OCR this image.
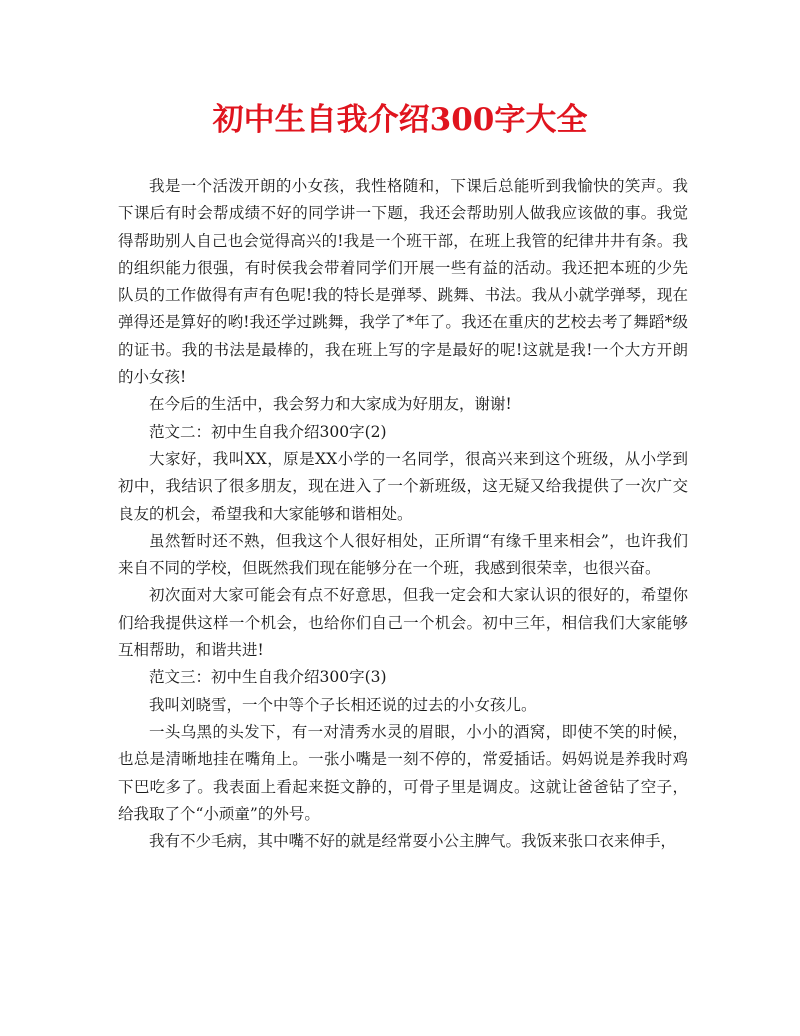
初中生自我介绍300字大全

我是一个活泼开朗的小女孩，我性格随和，下课后总能听到我愉快的笑声。我下课后有时会帮成绩不好的同学讲一下题，我还会帮助别人做我应该做的事。我觉得帮助别人自己也会觉得高兴的!我是一个班干部，在班上我管的纪律井井有条。我的组织能力很强，有时侯我会带着同学们开展一些有益的活动。我还把本班的少先队员的工作做得有声有色呢!我的特长是弹琴、跳舞、书法。我从小就学弹琴，现在弹得还是算好的哟!我还学过跳舞，我学了*年了。我还在重庆的艺校去考了舞蹈*级的证书。我的书法是最棒的，我在班上写的字是最好的呢!这就是我!一个大方开朗的小女孩!

在今后的生活中，我会努力和大家成为好朋友，谢谢!

范文二：初中生自我介绍300字(2)

大家好，我叫XX，原是XX小学的一名同学，很高兴来到这个班级，从小学到初中，我结识了很多朋友，现在进入了一个新班级，这无疑又给我提供了一次广交良友的机会，希望我和大家能够和谐相处。

虽然暂时还不熟，但我这个人很好相处，正所谓“有缘千里来相会”，也许我们来自不同的学校，但既然我们现在能够分在一个班，我感到很荣幸，也很兴奋。

初次面对大家可能会有点不好意思，但我一定会和大家认识的很好的，希望你们给我提供这样一个机会，也给你们自己一个机会。初中三年，相信我们大家能够互相帮助，和谐共进!

范文三：初中生自我介绍300字(3)

我叫刘晓雪，一个中等个子长相还说的过去的小女孩儿。

一头乌黑的头发下，有一对清秀水灵的眉眼，小小的酒窝，即使不笑的时候，也总是清晰地挂在嘴角上。一张小嘴是一刻不停的，常爱插话。妈妈说是养我时鸡下巴吃多了。我表面上看起来挺文静的，可骨子里是调皮。这就让爸爸钻了空子，给我取了个“小顽童”的外号。

我有不少毛病，其中嘴不好的就是经常耍小公主脾气。我饭来张口衣来伸手，
